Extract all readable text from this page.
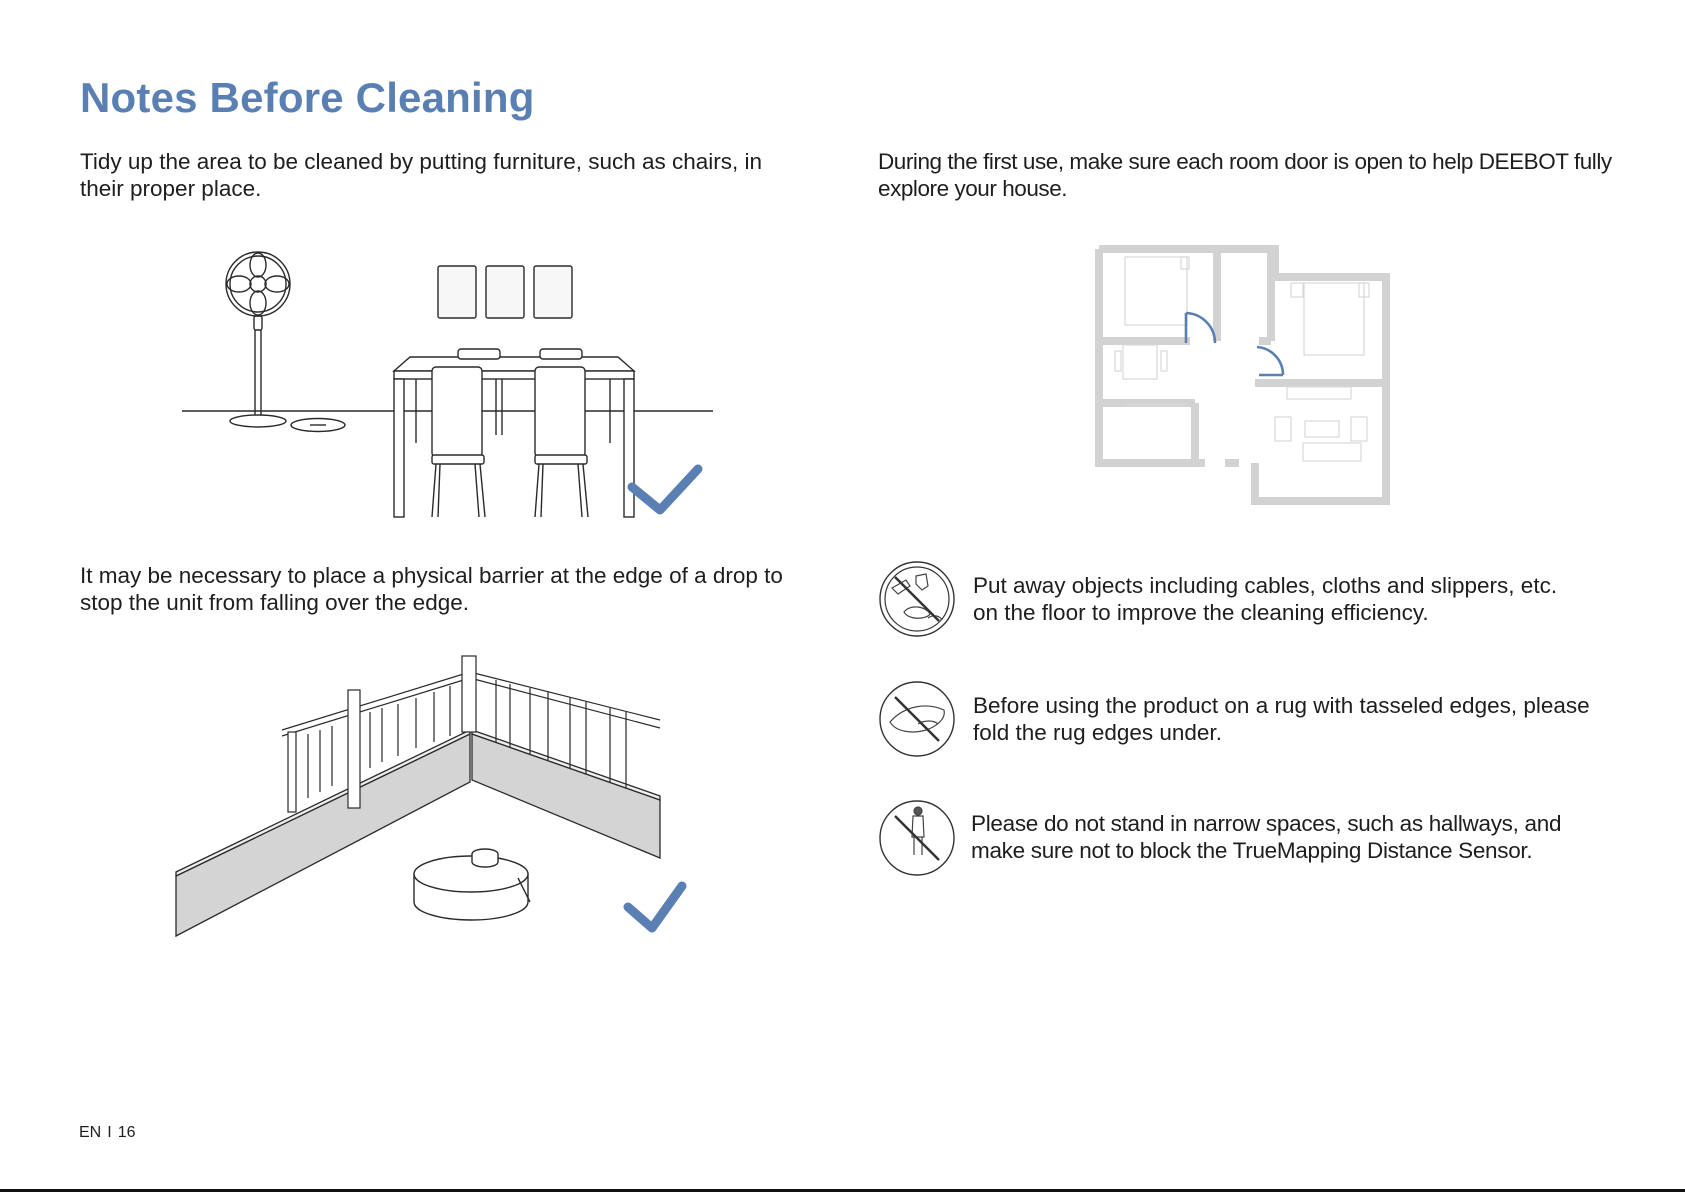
Notes Before Cleaning

Tidy up the area to be cleaned by putting furniture, such as chairs, in
their proper place.

During the first use, make sure each room door is open to help DEEBOT fully
explore your house.

It may be necessary to place a physical barrier at the edge of a drop to
stop the unit from falling over the edge.

Put away objects including cables, cloths and slippers, etc.
on the floor to improve the cleaning efficiency.

Before using the product on a rug with tasseled edges, please
fold the rug edges under.

Please do not stand in narrow spaces, such as hallways, and
make sure not to block the TrueMapping Distance Sensor.

EN I 16
